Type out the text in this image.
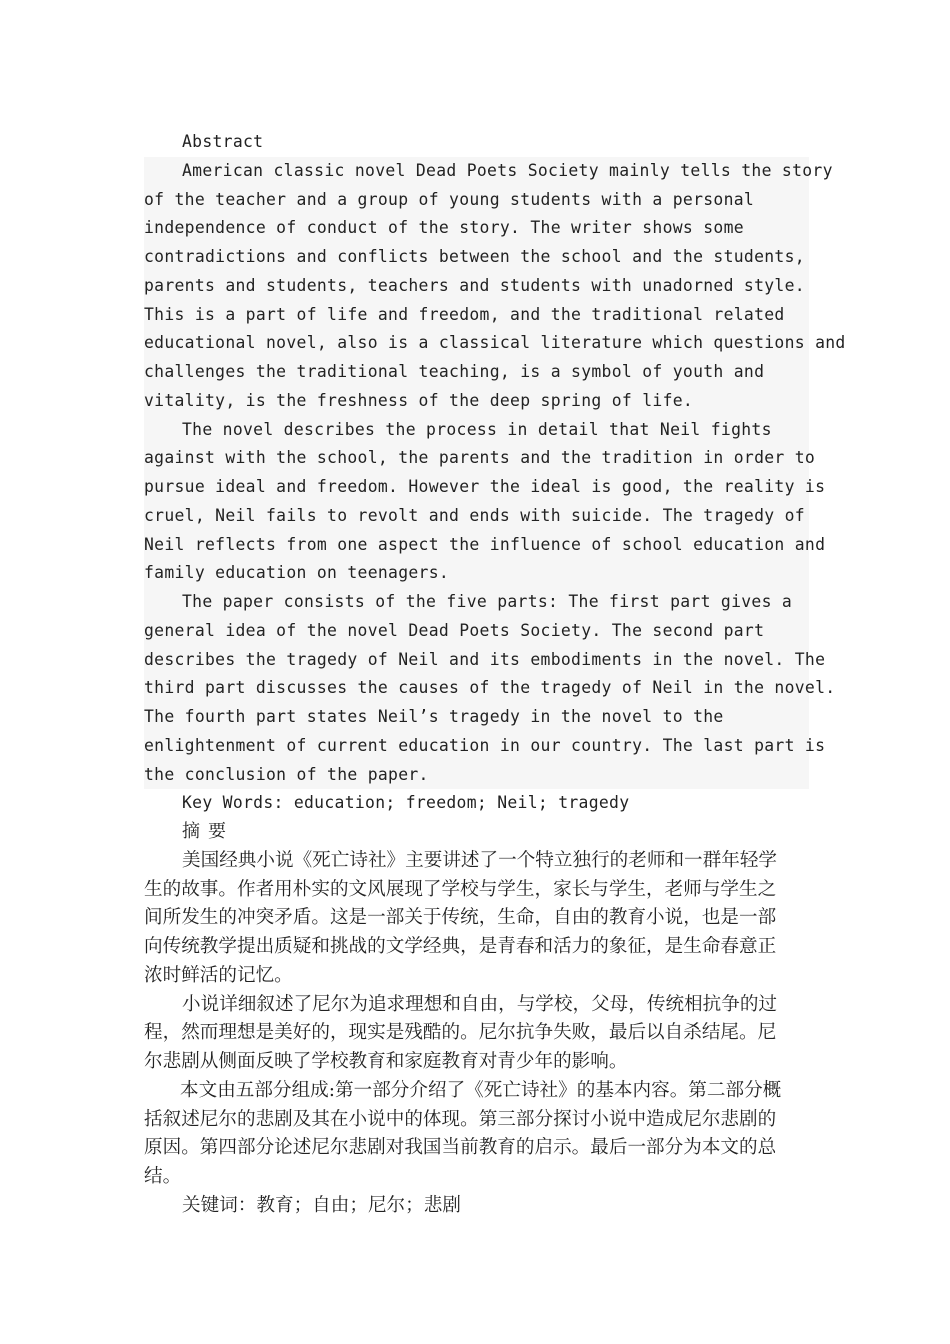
Abstract

American classic novel Dead Poets Society mainly tells the story
of the teacher and a group of young students with a personal
independence of conduct of the story. The writer shows some
contradictions and conflicts between the school and the students,
parents and students, teachers and students with unadorned style.
This is a part of life and freedom, and the traditional related
educational novel, also is a classical literature which questions and
challenges the traditional teaching, is a symbol of youth and
vitality, is the freshness of the deep spring of life.

The novel describes the process in detail that Neil fights
against with the school, the parents and the tradition in order to
pursue ideal and freedom. However the ideal is good, the reality is
cruel, Neil fails to revolt and ends with suicide. The tragedy of
Neil reflects from one aspect the influence of school education and
family education on teenagers.

The paper consists of the five parts: The first part gives a
general idea of the novel Dead Poets Society. The second part
describes the tragedy of Neil and its embodiments in the novel. The
third part discusses the causes of the tragedy of Neil in the novel.
The fourth part states Neil’s tragedy in the novel to the
enlightenment of current education in our country. The last part is
the conclusion of the paper.

Key Words: education; freedom; Neil; tragedy

摘要

美国经典小说《死亡诗社》主要讲述了一个特立独行的老师和一群年轻学
生的故事。作者用朴实的文风展现了学校与学生，家长与学生，老师与学生之
间所发生的冲突矛盾。这是一部关于传统，生命，自由的教育小说，也是一部
向传统教学提出质疑和挑战的文学经典，是青春和活力的象征，是生命春意正
浓时鲜活的记忆。

小说详细叙述了尼尔为追求理想和自由，与学校，父母，传统相抗争的过
程，然而理想是美好的，现实是残酷的。尼尔抗争失败，最后以自杀结尾。尼
尔悲剧从侧面反映了学校教育和家庭教育对青少年的影响。

本文由五部分组成:第一部分介绍了《死亡诗社》的基本内容。第二部分概
括叙述尼尔的悲剧及其在小说中的体现。第三部分探讨小说中造成尼尔悲剧的
原因。第四部分论述尼尔悲剧对我国当前教育的启示。最后一部分为本文的总
结。

关键词：教育；自由；尼尔；悲剧
